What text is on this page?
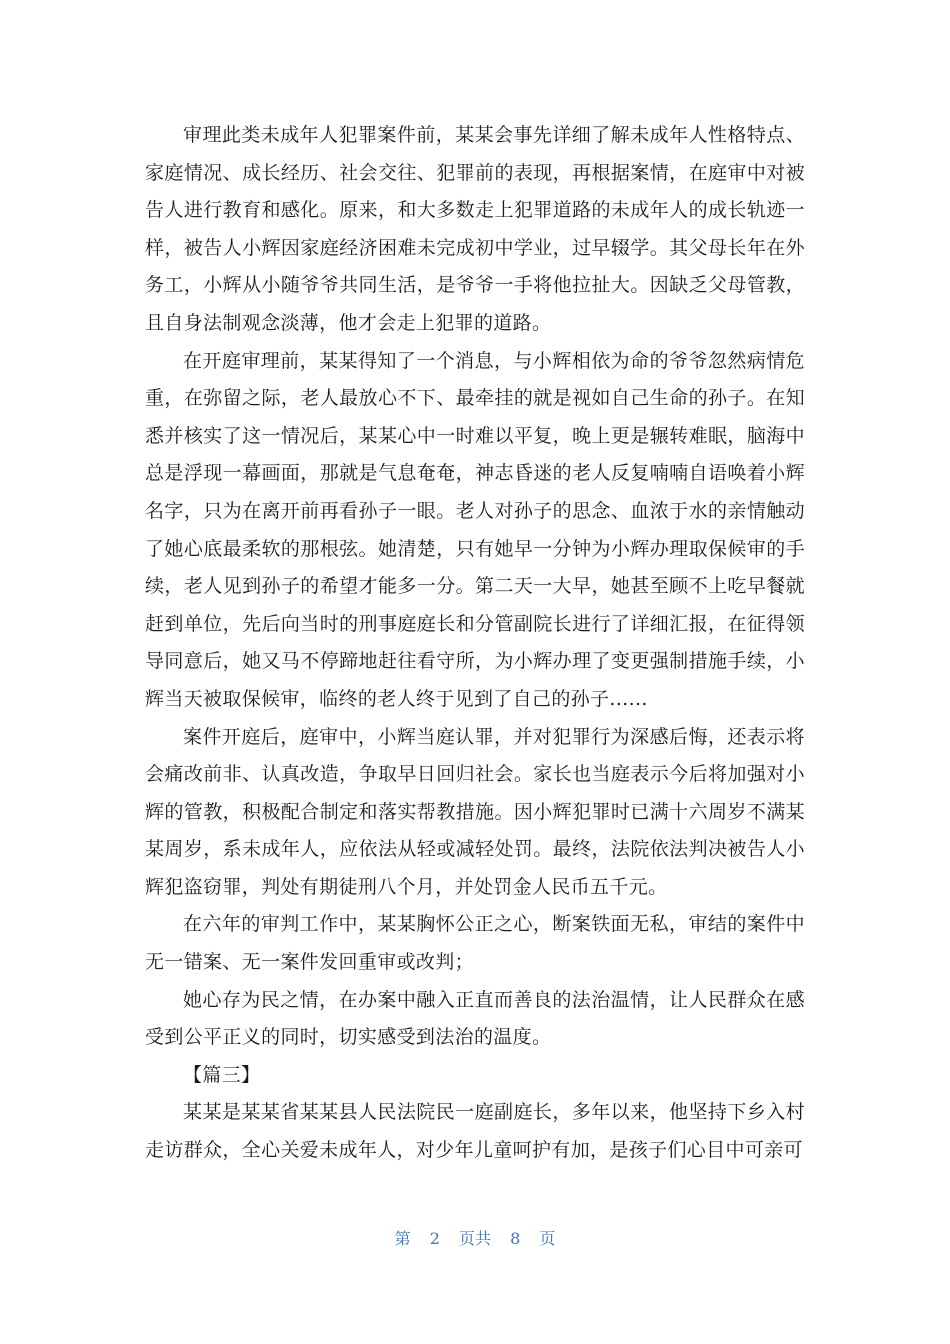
审理此类未成年人犯罪案件前，某某会事先详细了解未成年人性格特点、家庭情况、成长经历、社会交往、犯罪前的表现，再根据案情，在庭审中对被告人进行教育和感化。原来，和大多数走上犯罪道路的未成年人的成长轨迹一样，被告人小辉因家庭经济困难未完成初中学业，过早辍学。其父母长年在外务工，小辉从小随爷爷共同生活，是爷爷一手将他拉扯大。因缺乏父母管教，且自身法制观念淡薄，他才会走上犯罪的道路。

在开庭审理前，某某得知了一个消息，与小辉相依为命的爷爷忽然病情危重，在弥留之际，老人最放心不下、最牵挂的就是视如自己生命的孙子。在知悉并核实了这一情况后，某某心中一时难以平复，晚上更是辗转难眠，脑海中总是浮现一幕画面，那就是气息奄奄，神志昏迷的老人反复喃喃自语唤着小辉名字，只为在离开前再看孙子一眼。老人对孙子的思念、血浓于水的亲情触动了她心底最柔软的那根弦。她清楚，只有她早一分钟为小辉办理取保候审的手续，老人见到孙子的希望才能多一分。第二天一大早，她甚至顾不上吃早餐就赶到单位，先后向当时的刑事庭庭长和分管副院长进行了详细汇报，在征得领导同意后，她又马不停蹄地赶往看守所，为小辉办理了变更强制措施手续，小辉当天被取保候审，临终的老人终于见到了自己的孙子......

案件开庭后，庭审中，小辉当庭认罪，并对犯罪行为深感后悔，还表示将会痛改前非、认真改造，争取早日回归社会。家长也当庭表示今后将加强对小辉的管教，积极配合制定和落实帮教措施。因小辉犯罪时已满十六周岁不满某某周岁，系未成年人，应依法从轻或减轻处罚。最终，法院依法判决被告人小辉犯盗窃罪，判处有期徒刑八个月，并处罚金人民币五千元。

在六年的审判工作中，某某胸怀公正之心，断案铁面无私，审结的案件中无一错案、无一案件发回重审或改判；

她心存为民之情，在办案中融入正直而善良的法治温情，让人民群众在感受到公平正义的同时，切实感受到法治的温度。

【篇三】

某某是某某省某某县人民法院民一庭副庭长，多年以来，他坚持下乡入村走访群众，全心关爱未成年人，对少年儿童呵护有加，是孩子们心目中可亲可

第 2 页共 8 页
